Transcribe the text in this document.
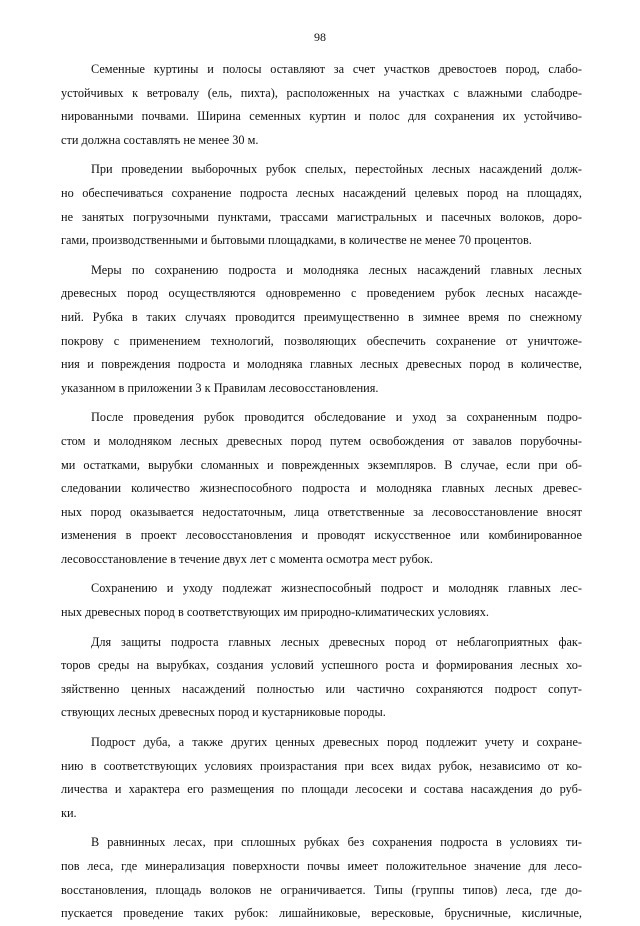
98
Семенные куртины и полосы оставляют за счет участков древостоев пород, слабо-
устойчивых к ветровалу (ель, пихта), расположенных на участках с влажными слабодре-
нированными почвами. Ширина семенных куртин и полос для сохранения их устойчиво-
сти должна составлять не менее 30 м.
При проведении выборочных рубок спелых, перестойных лесных насаждений долж-
но обеспечиваться сохранение подроста лесных насаждений целевых пород на площадях,
не занятых погрузочными пунктами, трассами магистральных и пасечных волоков, доро-
гами, производственными и бытовыми площадками, в количестве не менее 70 процентов.
Меры по сохранению подроста и молодняка лесных насаждений главных лесных
древесных пород осуществляются одновременно с проведением рубок лесных насажде-
ний. Рубка в таких случаях проводится преимущественно в зимнее время по снежному
покрову с применением технологий, позволяющих обеспечить сохранение от уничтоже-
ния и повреждения подроста и молодняка главных лесных древесных пород в количестве,
указанном в приложении 3 к Правилам лесовосстановления.
После проведения рубок проводится обследование и уход за сохраненным подро-
стом и молодняком лесных древесных пород путем освобождения от завалов порубочны-
ми остатками, вырубки сломанных и поврежденных экземпляров. В случае, если при об-
следовании количество жизнеспособного подроста и молодняка главных лесных древес-
ных пород оказывается недостаточным, лица ответственные за лесовосстановление вносят
изменения в проект лесовосстановления и проводят искусственное или комбинированное
лесовосстановление в течение двух лет с момента осмотра мест рубок.
Сохранению и уходу подлежат жизнеспособный подрост и молодняк главных лес-
ных древесных пород в соответствующих им природно-климатических условиях.
Для защиты подроста главных лесных древесных пород от неблагоприятных фак-
торов среды на вырубках, создания условий успешного роста и формирования лесных хо-
зяйственно ценных насаждений полностью или частично сохраняются подрост сопут-
ствующих лесных древесных пород и кустарниковые породы.
Подрост дуба, а также других ценных древесных пород подлежит учету и сохране-
нию в соответствующих условиях произрастания при всех видах рубок, независимо от ко-
личества и характера его размещения по площади лесосеки и состава насаждения до руб-
ки.
В равнинных лесах, при сплошных рубках без сохранения подроста в условиях ти-
пов леса, где минерализация поверхности почвы имеет положительное значение для лесо-
восстановления, площадь волоков не ограничивается. Типы (группы типов) леса, где до-
пускается проведение таких рубок: лишайниковые, вересковые, брусничные, кисличные,
